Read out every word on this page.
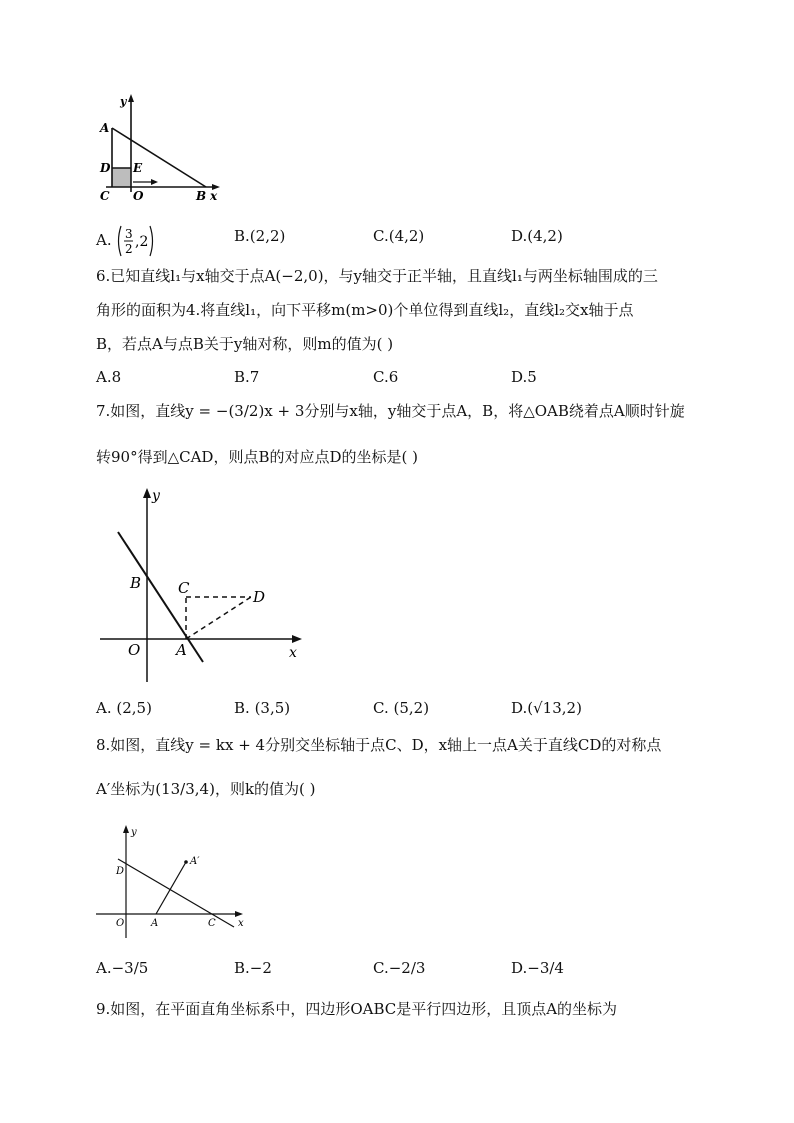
y
x
A
D E
C O	B
A. 3
2 ,2	B.(2,2)	C.(4,2)	D.(4,2)
6.已知直线l₁与x轴交于点A(−2,0)，与y轴交于正半轴，且直线l₁与两坐标轴围成的三
角形的面积为4.将直线l₁，向下平移m(m>0)个单位得到直线l₂，直线l₂交x轴于点
B，若点A与点B关于y轴对称，则m的值为( )
A.8	B.7	C.6	D.5
7.如图，直线y = −(3/2)x + 3分别与x轴，y轴交于点A，B，将△OAB绕着点A顺时针旋
转90°得到△CAD，则点B的对应点D的坐标是( )
y
x
B C	D
O A
A. (2,5)	B. (3,5)	C. (5,2)	D.(√13,2)
8.如图，直线y = kx + 4分别交坐标轴于点C、D，x轴上一点A关于直线CD的对称点
A′坐标为(13/3,4)，则k的值为( )
y
x
D
A′
O	A	C
A.−3/5	B.−2	C.−2/3	D.−3/4
9.如图，在平面直角坐标系中，四边形OABC是平行四边形，且顶点A的坐标为
